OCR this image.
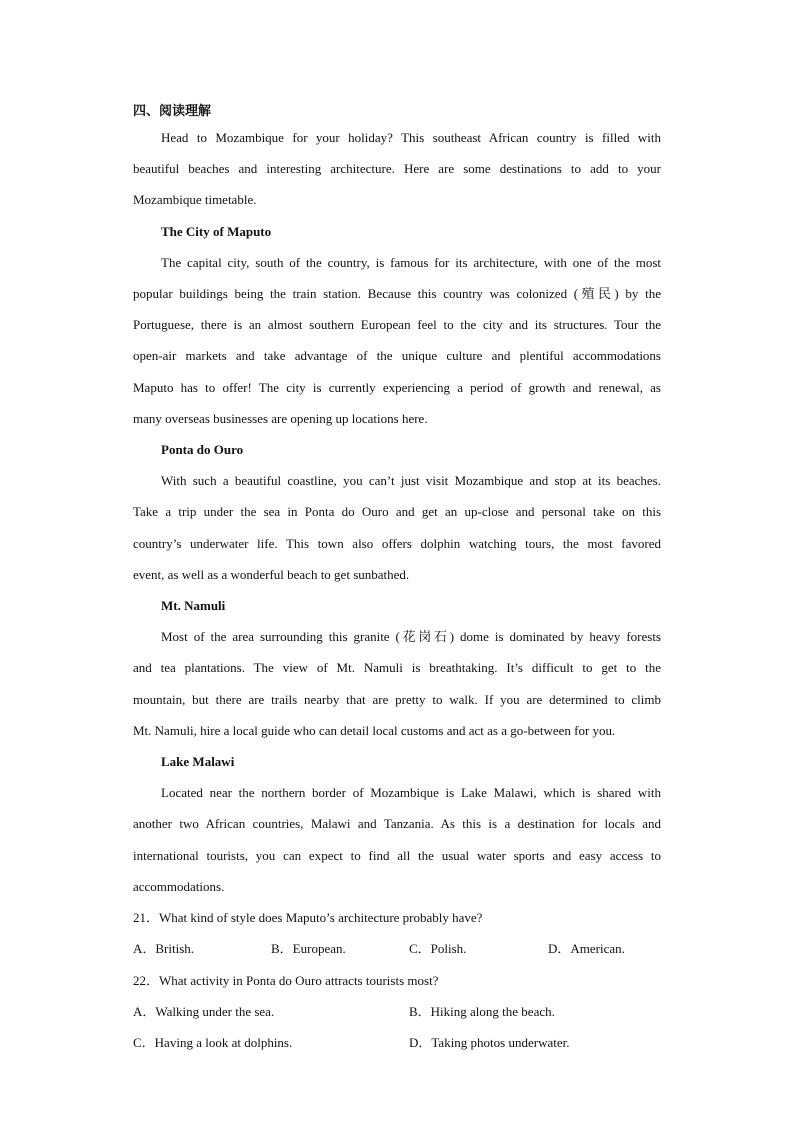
四、阅读理解
Head to Mozambique for your holiday? This southeast African country is filled with
beautiful beaches and interesting architecture. Here are some destinations to add to your
Mozambique timetable.
The City of Maputo
The capital city, south of the country, is famous for its architecture, with one of the most
popular buildings being the train station. Because this country was colonized (殖民) by the
Portuguese, there is an almost southern European feel to the city and its structures. Tour the
open-air markets and take advantage of the unique culture and plentiful accommodations
Maputo has to offer! The city is currently experiencing a period of growth and renewal, as
many overseas businesses are opening up locations here.
Ponta do Ouro
With such a beautiful coastline, you can’t just visit Mozambique and stop at its beaches.
Take a trip under the sea in Ponta do Ouro and get an up-close and personal take on this
country’s underwater life. This town also offers dolphin watching tours, the most favored
event, as well as a wonderful beach to get sunbathed.
Mt. Namuli
Most of the area surrounding this granite (花岗石) dome is dominated by heavy forests
and tea plantations. The view of Mt. Namuli is breathtaking. It’s difficult to get to the
mountain, but there are trails nearby that are pretty to walk. If you are determined to climb
Mt. Namuli, hire a local guide who can detail local customs and act as a go-between for you.
Lake Malawi
Located near the northern border of Mozambique is Lake Malawi, which is shared with
another two African countries, Malawi and Tanzania. As this is a destination for locals and
international tourists, you can expect to find all the usual water sports and easy access to
accommodations.
21．What kind of style does Maputo’s architecture probably have?
A．British.	B．European.	C．Polish.	D．American.
22．What activity in Ponta do Ouro attracts tourists most?
A．Walking under the sea.	B．Hiking along the beach.
C．Having a look at dolphins.	D．Taking photos underwater.
